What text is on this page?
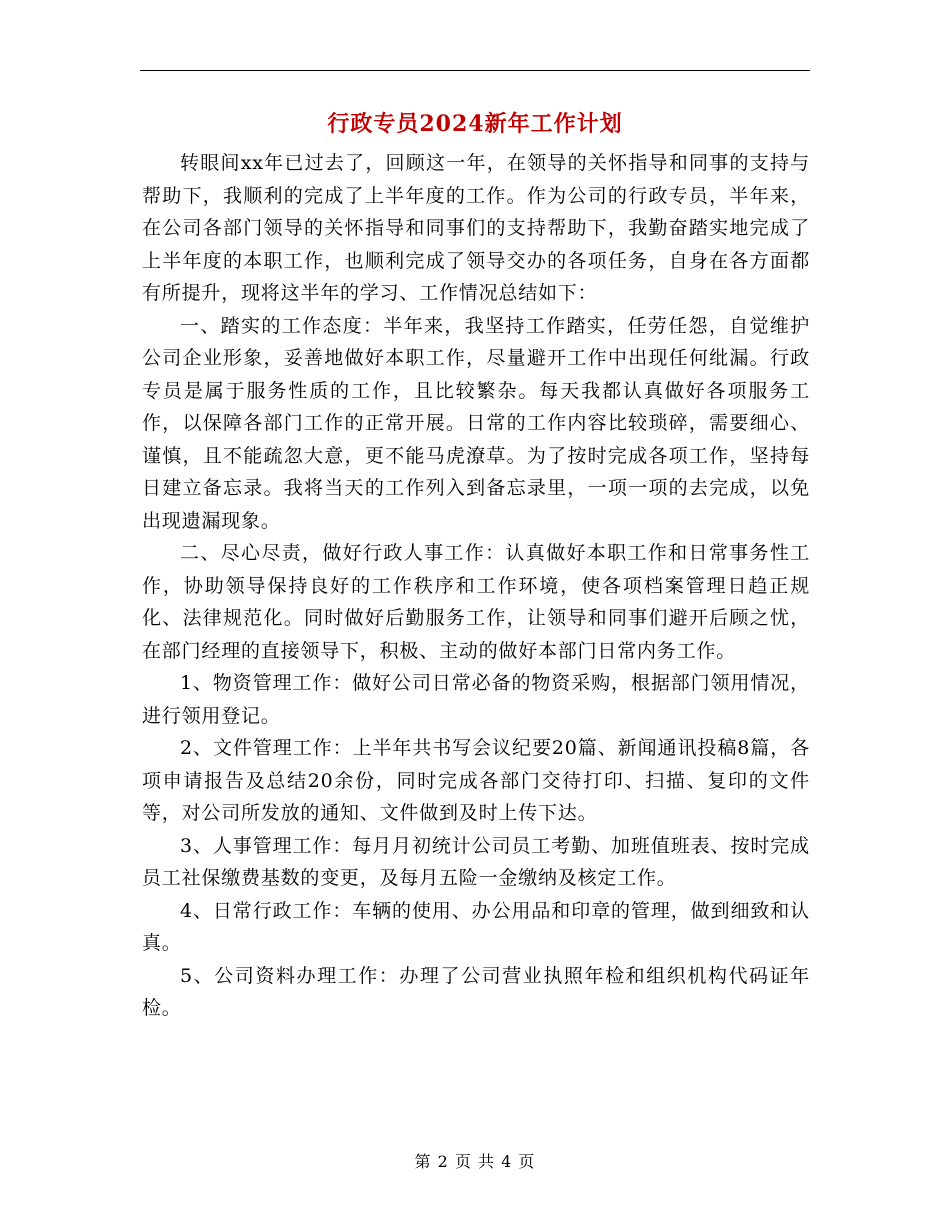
行政专员2024新年工作计划

转眼间xx年已过去了，回顾这一年，在领导的关怀指导和同事的支持与帮助下，我顺利的完成了上半年度的工作。作为公司的行政专员，半年来，在公司各部门领导的关怀指导和同事们的支持帮助下，我勤奋踏实地完成了上半年度的本职工作，也顺利完成了领导交办的各项任务，自身在各方面都有所提升，现将这半年的学习、工作情况总结如下：

一、踏实的工作态度：半年来，我坚持工作踏实，任劳任怨，自觉维护公司企业形象，妥善地做好本职工作，尽量避开工作中出现任何纰漏。行政专员是属于服务性质的工作，且比较繁杂。每天我都认真做好各项服务工作，以保障各部门工作的正常开展。日常的工作内容比较琐碎，需要细心、谨慎，且不能疏忽大意，更不能马虎潦草。为了按时完成各项工作，坚持每日建立备忘录。我将当天的工作列入到备忘录里，一项一项的去完成，以免出现遗漏现象。

二、尽心尽责，做好行政人事工作：认真做好本职工作和日常事务性工作，协助领导保持良好的工作秩序和工作环境，使各项档案管理日趋正规化、法律规范化。同时做好后勤服务工作，让领导和同事们避开后顾之忧，在部门经理的直接领导下，积极、主动的做好本部门日常内务工作。

1、物资管理工作：做好公司日常必备的物资采购，根据部门领用情况，进行领用登记。

2、文件管理工作：上半年共书写会议纪要20篇、新闻通讯投稿8篇，各项申请报告及总结20余份，同时完成各部门交待打印、扫描、复印的文件等，对公司所发放的通知、文件做到及时上传下达。

3、人事管理工作：每月月初统计公司员工考勤、加班值班表、按时完成员工社保缴费基数的变更，及每月五险一金缴纳及核定工作。

4、日常行政工作：车辆的使用、办公用品和印章的管理，做到细致和认真。

5、公司资料办理工作：办理了公司营业执照年检和组织机构代码证年检。

第 2 页 共 4 页
